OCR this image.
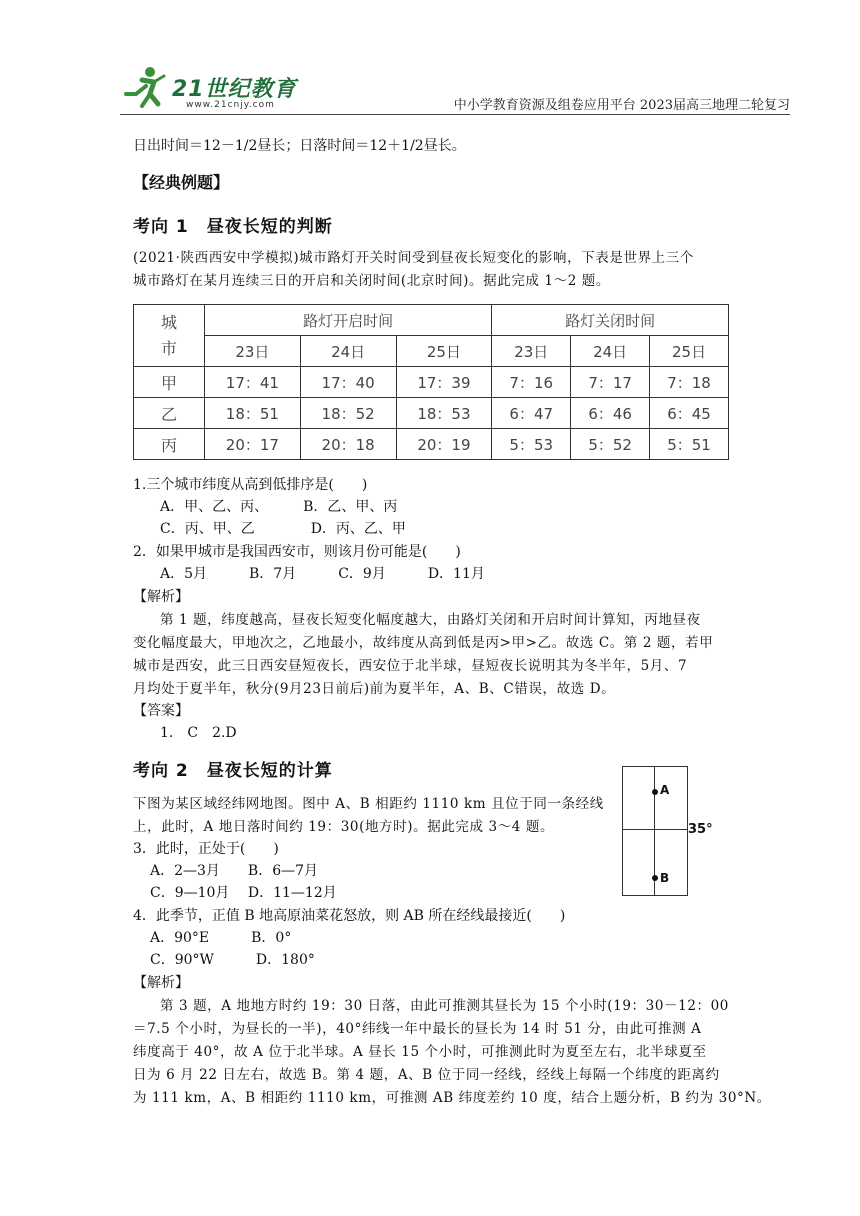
21世纪教育
www.21cnjy.com	中小学教育资源及组卷应用平台 2023届高三地理二轮复习
日出时间＝12－1/2昼长；日落时间＝12＋1/2昼长。
【经典例题】
考向 1　昼夜长短的判断
(2021·陕西西安中学模拟)城市路灯开关时间受到昼夜长短变化的影响，下表是世界上三个
城市路灯在某月连续三日的开启和关闭时间(北京时间)。据此完成 1～2 题。
城
市	路灯开启时间			路灯关闭时间		
	23日	24日	25日	23日	24日	25日
甲	17：41	17：40	17：39	7：16	7：17	7：18
乙	18：51	18：52	18：53	6：47	6：46	6：45
丙	20：17	20：18	20：19	5：53	5：52	5：51
1.三个城市纬度从高到低排序是(　　)
A．甲、乙、丙、　　　B．乙、甲、丙
C．丙、甲、乙　　　　D．丙、乙、甲
2．如果甲城市是我国西安市，则该月份可能是(　　)
A．5月　　　B．7月　　　C．9月　　　D．11月
【解析】
第 1 题，纬度越高，昼夜长短变化幅度越大，由路灯关闭和开启时间计算知，丙地昼夜
变化幅度最大，甲地次之，乙地最小，故纬度从高到低是丙>甲>乙。故选 C。第 2 题，若甲
城市是西安，此三日西安昼短夜长，西安位于北半球，昼短夜长说明其为冬半年，5月、7
月均处于夏半年，秋分(9月23日前后)前为夏半年，A、B、C错误，故选 D。
【答案】
1.　C　2.D
考向 2　昼夜长短的计算
下图为某区域经纬网地图。图中 A、B 相距约 1110 km 且位于同一条经线
上，此时，A 地日落时间约 19：30(地方时)。据此完成 3～4 题。
A
B
35°
3．此时，正处于(　　)
A．2—3月　　B．6—7月
C．9—10月　 D．11—12月
4．此季节，正值 B 地高原油菜花怒放，则 AB 所在经线最接近(　　)
A．90°E　　　B．0°
C．90°W　　　D．180°
【解析】
第 3 题，A 地地方时约 19：30 日落，由此可推测其昼长为 15 个小时(19：30－12：00
＝7.5 个小时，为昼长的一半)，40°纬线一年中最长的昼长为 14 时 51 分，由此可推测 A
纬度高于 40°，故 A 位于北半球。A 昼长 15 个小时，可推测此时为夏至左右，北半球夏至
日为 6 月 22 日左右，故选 B。第 4 题，A、B 位于同一经线，经线上每隔一个纬度的距离约
为 111 km，A、B 相距约 1110 km，可推测 AB 纬度差约 10 度，结合上题分析，B 约为 30°N。
